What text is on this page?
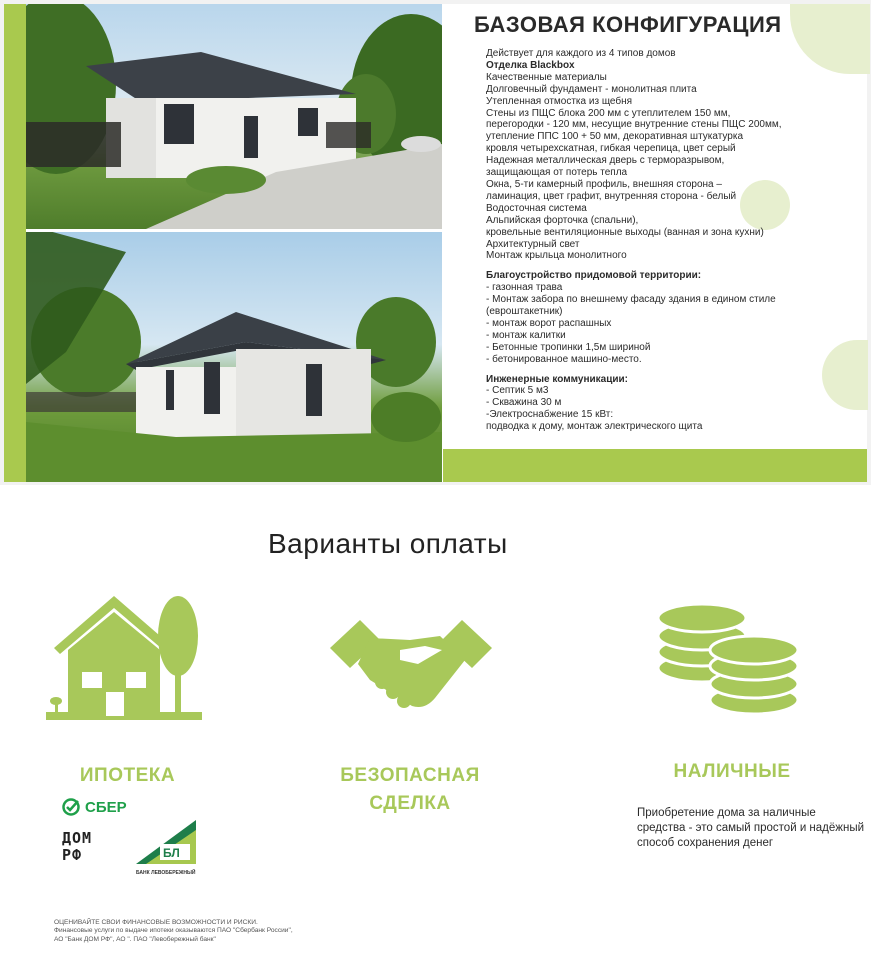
БАЗОВАЯ КОНФИГУРАЦИЯ
Действует для каждого из 4 типов домов
Отделка Blackbox
Качественные материалы
Долговечный фундамент - монолитная плита
Утепленная отмостка из щебня
Стены из ПЩС блока 200 мм с утеплителем 150 мм,
перегородки - 120 мм, несущие внутренние стены ПЩС 200мм,
утепление ППС 100 + 50 мм, декоративная штукатурка
кровля четырехскатная, гибкая черепица, цвет серый
Надежная металлическая дверь с терморазрывом,
защищающая от потерь тепла
Окна, 5-ти камерный профиль, внешняя сторона –
ламинация, цвет графит, внутренняя сторона - белый
Водосточная система
Альпийская форточка (спальни),
кровельные вентиляционные выходы (ванная и зона кухни)
Архитектурный свет
Монтаж крыльца монолитного
Благоустройство придомовой территории:
- газонная трава
- Монтаж забора по внешнему фасаду здания в едином стиле
(евроштакетник)
- монтаж ворот распашных
- монтаж калитки
- Бетонные тропинки 1,5м шириной
- бетонированное машино-место.
Инженерные коммуникации:
- Септик 5 м3
- Скважина 30 м
-Электроснабжение 15 кВт:
подводка к дому, монтаж электрического щита
Варианты оплаты
ИПОТЕКА	БЕЗОПАСНАЯ СДЕЛКА
НАЛИЧНЫЕ
Приобретение дома за наличные средства - это самый простой и надёжный способ сохранения денег
СБЕР
ДОМ
РФ	БЛ
БАНК ЛЕВОБЕРЕЖНЫЙ
ОЦЕНИВАЙТЕ СВОИ ФИНАНСОВЫЕ ВОЗМОЖНОСТИ И РИСКИ.
Финансовые услуги по выдаче ипотеки оказываются ПАО "Сбербанк России",
АО "Банк ДОМ РФ", АО ". ПАО "Левобережный банк"
